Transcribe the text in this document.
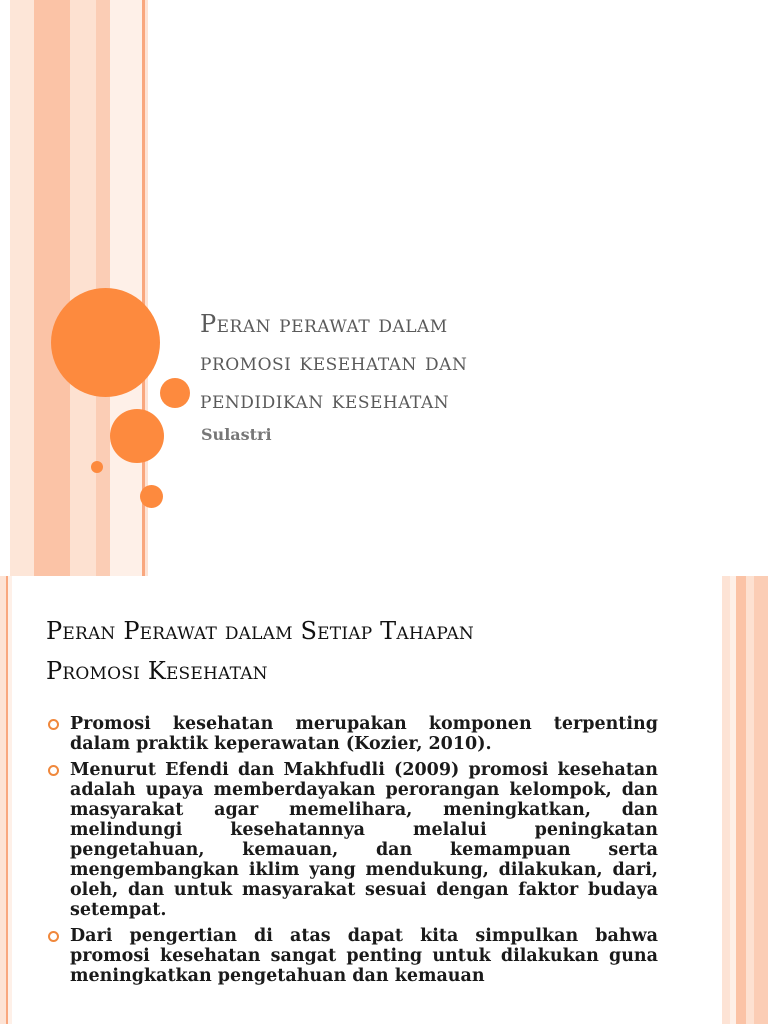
Peran perawat dalam
promosi kesehatan dan
pendidikan kesehatan

Sulastri

Peran Perawat dalam Setiap Tahapan
Promosi Kesehatan
Promosi kesehatan merupakan komponen terpenting dalam praktik keperawatan (Kozier, 2010).
Menurut Efendi dan Makhfudli (2009) promosi kesehatan adalah upaya memberdayakan perorangan kelompok, dan masyarakat agar memelihara, meningkatkan, dan melindungi kesehatannya melalui peningkatan pengetahuan, kemauan, dan kemampuan serta mengembangkan iklim yang mendukung, dilakukan, dari, oleh, dan untuk masyarakat sesuai dengan faktor budaya setempat.
Dari pengertian di atas dapat kita simpulkan bahwa promosi kesehatan sangat penting untuk dilakukan guna meningkatkan pengetahuan dan kemauan
